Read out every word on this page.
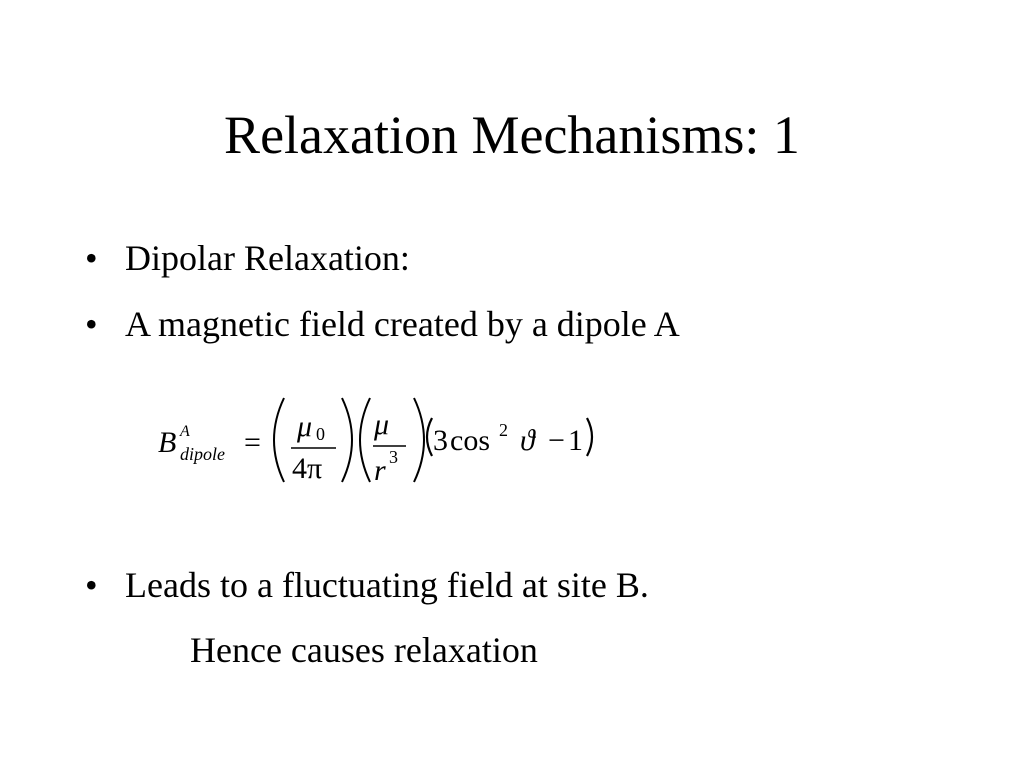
Relaxation Mechanisms: 1
• Dipolar Relaxation:
• A magnetic field created by a dipole A
B A
dipole = μ 0
4π
μ
r 3 3 cos 2 ϑ − 1
• Leads to a fluctuating field at site B.
Hence causes relaxation
